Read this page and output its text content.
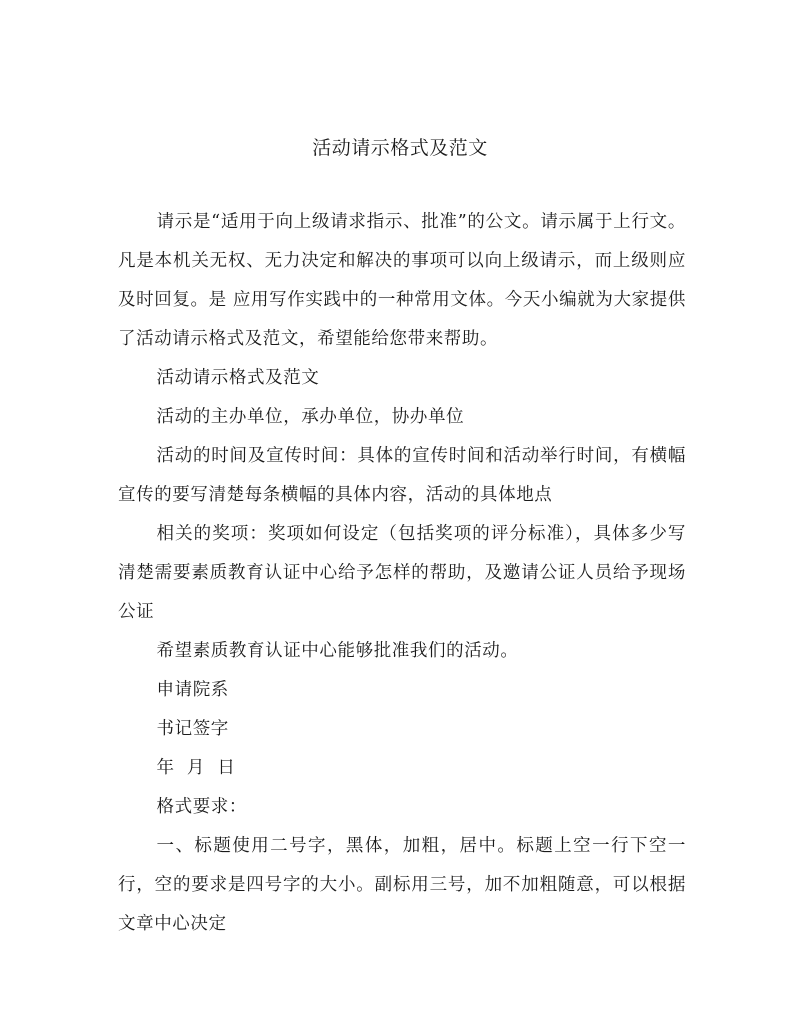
活动请示格式及范文

请示是“适用于向上级请求指示、批准”的公文。请示属于上行文。凡是本机关无权、无力决定和解决的事项可以向上级请示，而上级则应及时回复。是 应用写作实践中的一种常用文体。今天小编就为大家提供了活动请示格式及范文，希望能给您带来帮助。

活动请示格式及范文

活动的主办单位，承办单位，协办单位

活动的时间及宣传时间：具体的宣传时间和活动举行时间，有横幅宣传的要写清楚每条横幅的具体内容，活动的具体地点

相关的奖项：奖项如何设定（包括奖项的评分标准），具体多少写清楚需要素质教育认证中心给予怎样的帮助，及邀请公证人员给予现场公证

希望素质教育认证中心能够批准我们的活动。

申请院系

书记签字

年  月  日

格式要求：

一、标题使用二号字，黑体，加粗，居中。标题上空一行下空一行，空的要求是四号字的大小。副标用三号，加不加粗随意，可以根据文章中心决定
